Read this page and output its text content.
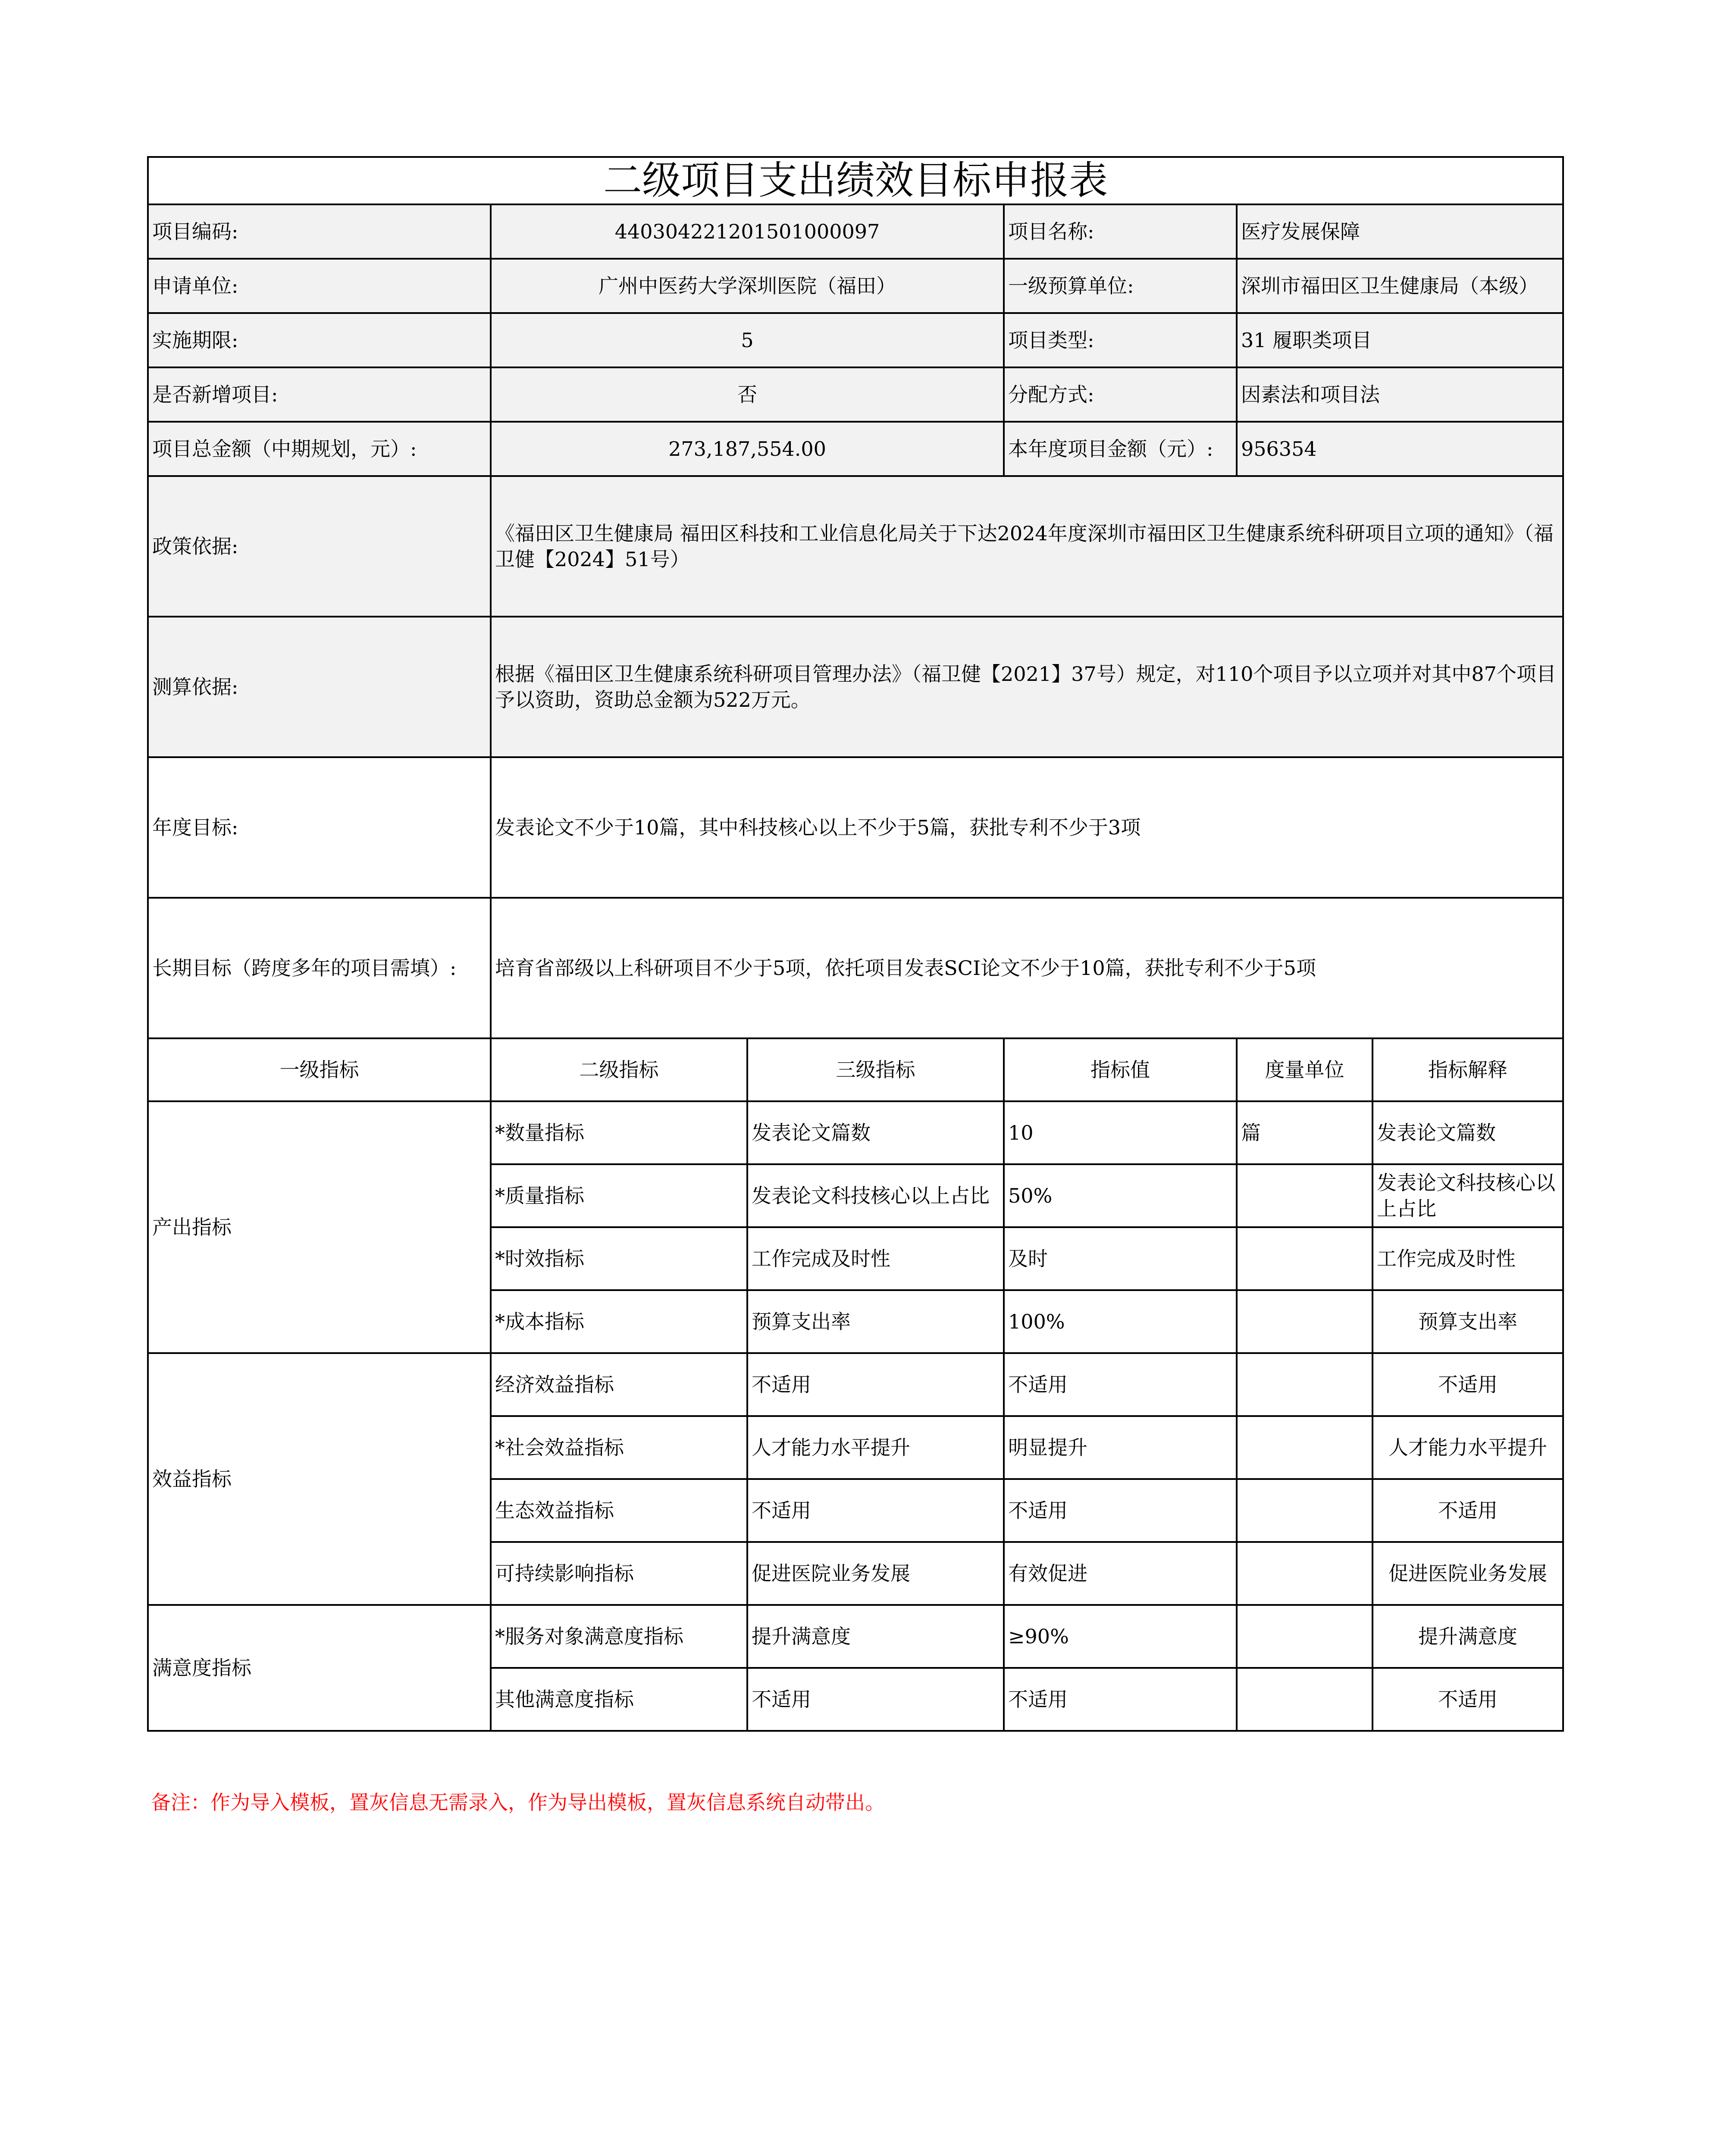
二级项目支出绩效目标申报表					
项目编码:	440304221201501000097		项目名称:	医疗发展保障	
申请单位:	广州中医药大学深圳医院（福田）		一级预算单位:	深圳市福田区卫生健康局（本级）	
实施期限:	5		项目类型:	31 履职类项目	
是否新增项目:	否		分配方式:	因素法和项目法	
项目总金额（中期规划，元）:	273,187,554.00		本年度项目金额（元）:	956354	
政策依据:	《福田区卫生健康局 福田区科技和工业信息化局关于下达2024年度深圳市福田区卫生健康系统科研项目立项的通知》（福卫健【2024】51号）				
测算依据:	根据《福田区卫生健康系统科研项目管理办法》（福卫健【2021】37号）规定，对110个项目予以立项并对其中87个项目予以资助，资助总金额为522万元。				
年度目标:	发表论文不少于10篇，其中科技核心以上不少于5篇，获批专利不少于3项				
长期目标（跨度多年的项目需填）:	培育省部级以上科研项目不少于5项，依托项目发表SCI论文不少于10篇，获批专利不少于5项				
一级指标	二级指标	三级指标	指标值	度量单位	指标解释
产出指标	*数量指标	发表论文篇数	10	篇	发表论文篇数
	*质量指标	发表论文科技核心以上占比	50%		发表论文科技核心以上占比
	*时效指标	工作完成及时性	及时		工作完成及时性
	*成本指标	预算支出率	100%		预算支出率
效益指标	经济效益指标	不适用	不适用		不适用
	*社会效益指标	人才能力水平提升	明显提升		人才能力水平提升
	生态效益指标	不适用	不适用		不适用
	可持续影响指标	促进医院业务发展	有效促进		促进医院业务发展
满意度指标	*服务对象满意度指标	提升满意度	≥90%		提升满意度
	其他满意度指标	不适用	不适用		不适用
备注：作为导入模板，置灰信息无需录入，作为导出模板，置灰信息系统自动带出。
